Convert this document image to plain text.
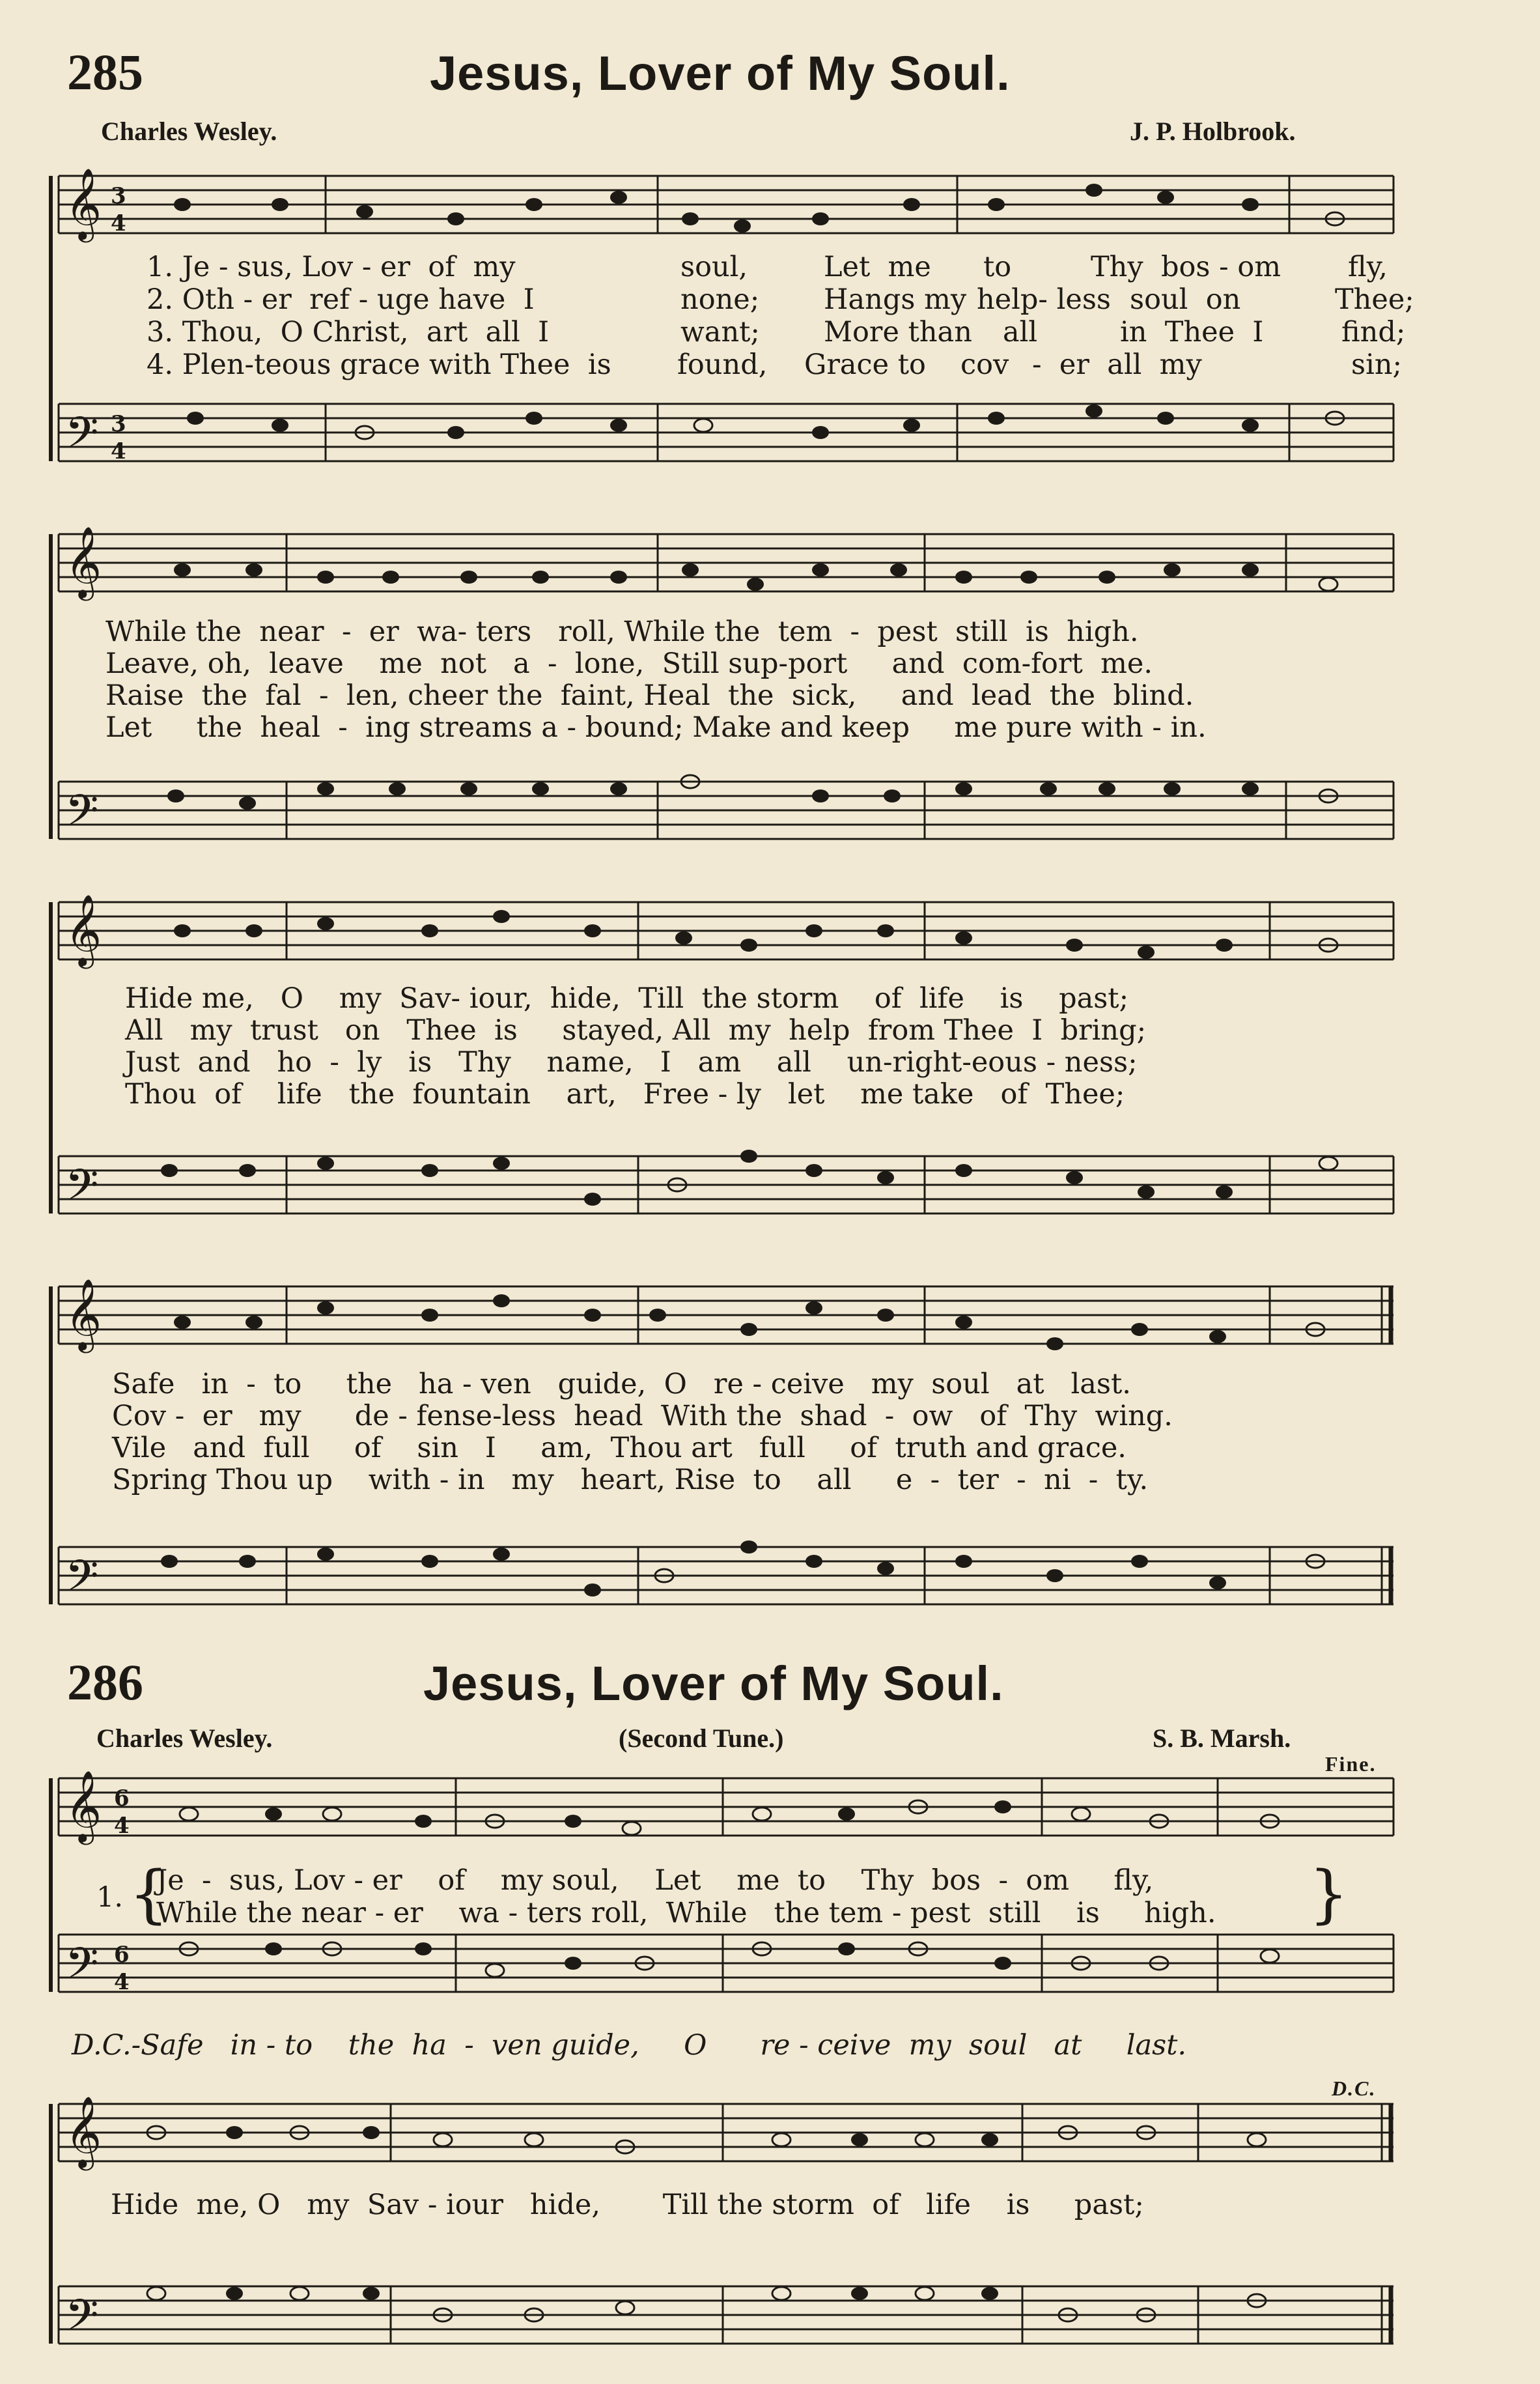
285	Jesus, Lover of My Soul.
Charles Wesley.	J. P. Holbrook.
𝄞
𝄢
3
4
3
4
1. Je - sus, Lov - er  of  my	soul,	Let  me to	Thy  bos - om fly,
2. Oth - er  ref - uge have  I	none; Hangs my help- less soul  on	Thee;
3. Thou,  O Christ,  art  all  I	want; More than all	in  Thee  I	find;
4. Plen-teous grace with Thee  is found, Grace to cov -  er  all  my	sin;
𝄞
𝄢
While the  near  -  er  wa- ters   roll, While the  tem  -  pest  still  is  high.
Leave, oh,  leave    me  not   a  -  lone,  Still sup-port     and  com-fort  me.
Raise  the  fal  -  len, cheer the  faint, Heal  the  sick,     and  lead  the  blind.
Let     the  heal  -  ing streams a - bound; Make and keep     me pure with - in.
𝄞
𝄢
Hide me,   O    my  Sav- iour,  hide,  Till  the storm    of  life    is    past;
All   my  trust   on   Thee  is     stayed, All  my  help  from Thee  I  bring;
Just  and   ho  -  ly   is   Thy    name,   I   am    all    un-right-eous - ness;
Thou  of    life   the  fountain    art,   Free - ly   let    me take   of  Thee;
𝄞
𝄢
Safe   in  -  to     the   ha - ven   guide,  O   re - ceive   my  soul   at   last.
Cov -  er   my      de - fense-less  head  With the  shad  -  ow   of  Thy  wing.
Vile   and  full     of    sin   I     am,  Thou art   full     of  truth and grace.
Spring Thou up    with - in   my   heart, Rise  to    all     e  -  ter  -  ni  -  ty.
286	Jesus, Lover of My Soul.
Charles Wesley.	(Second Tune.)	S. B. Marsh.
Fine.
𝄞
𝄢
6
4
6
4
1. {
Je  -  sus, Lov - er    of    my soul,    Let    me  to    Thy  bos  -  om     fly,
While the near - er    wa - ters roll,  While   the tem - pest  still    is     high. }
D.C.-Safe   in - to    the  ha  -  ven guide,     O      re - ceive  my  soul   at     last.
D.C.
𝄞
𝄢
Hide  me, O   my  Sav - iour   hide,       Till the storm  of   life    is     past;
